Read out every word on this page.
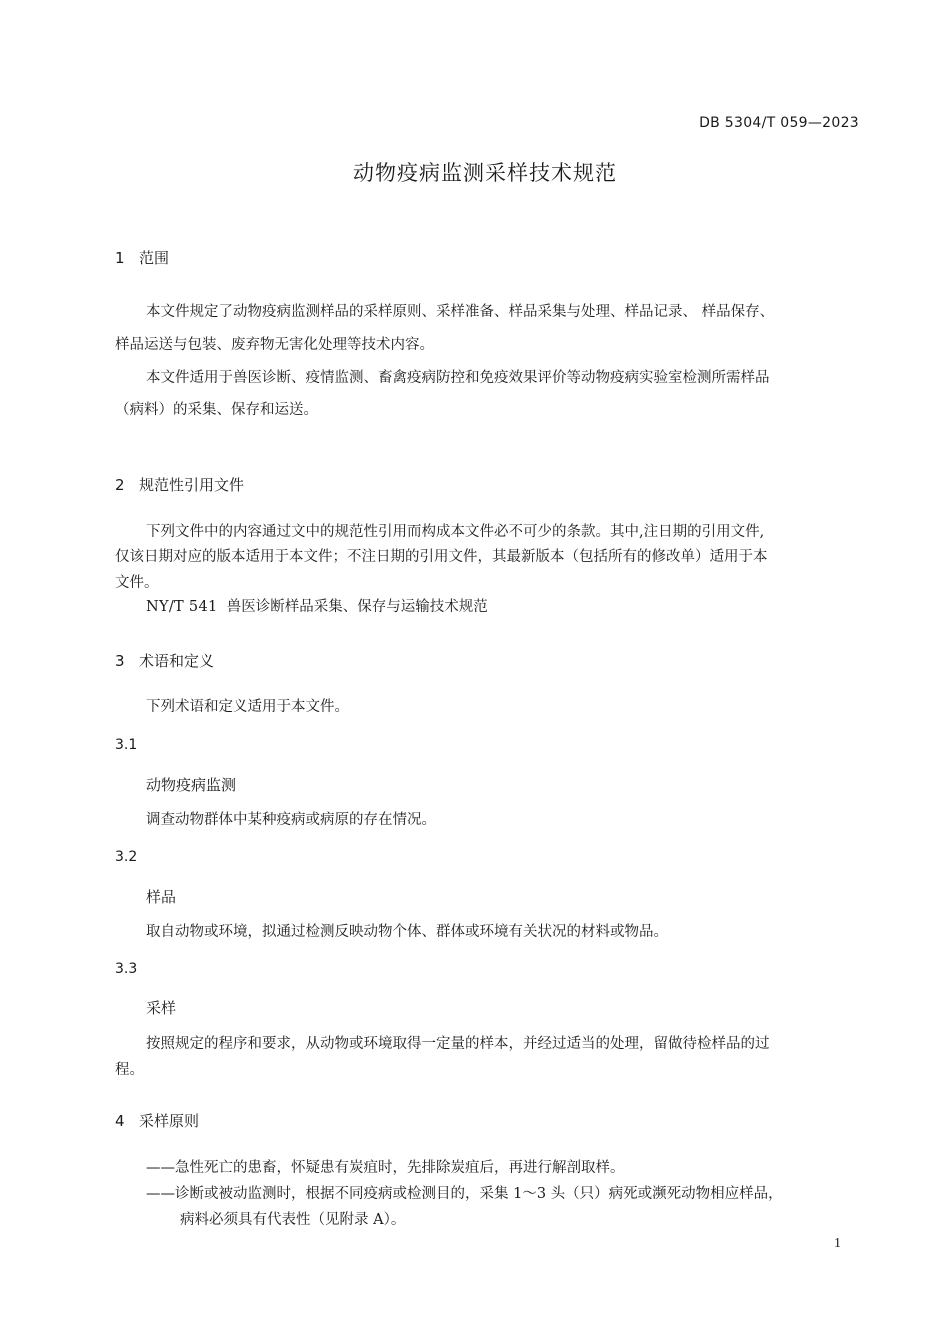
DB 5304/T 059—2023
动物疫病监测采样技术规范
1 范围
本文件规定了动物疫病监测样品的采样原则、采样准备、样品采集与处理、样品记录、 样品保存、
样品运送与包装、废弃物无害化处理等技术内容。
本文件适用于兽医诊断、疫情监测、畜禽疫病防控和免疫效果评价等动物疫病实验室检测所需样品
（病料）的采集、保存和运送。
2 规范性引用文件
下列文件中的内容通过文中的规范性引用而构成本文件必不可少的条款。其中,注日期的引用文件,
仅该日期对应的版本适用于本文件；不注日期的引用文件，其最新版本（包括所有的修改单）适用于本
文件。
NY/T 541 兽医诊断样品采集、保存与运输技术规范
3 术语和定义
下列术语和定义适用于本文件。
3.1
动物疫病监测
调查动物群体中某种疫病或病原的存在情况。
3.2
样品
取自动物或环境，拟通过检测反映动物个体、群体或环境有关状况的材料或物品。
3.3
采样
按照规定的程序和要求，从动物或环境取得一定量的样本，并经过适当的处理，留做待检样品的过
程。
4 采样原则
——急性死亡的患畜，怀疑患有炭疽时，先排除炭疽后，再进行解剖取样。
——诊断或被动监测时，根据不同疫病或检测目的，采集 1～3 头（只）病死或濒死动物相应样品，
病料必须具有代表性（见附录 A）。
1
